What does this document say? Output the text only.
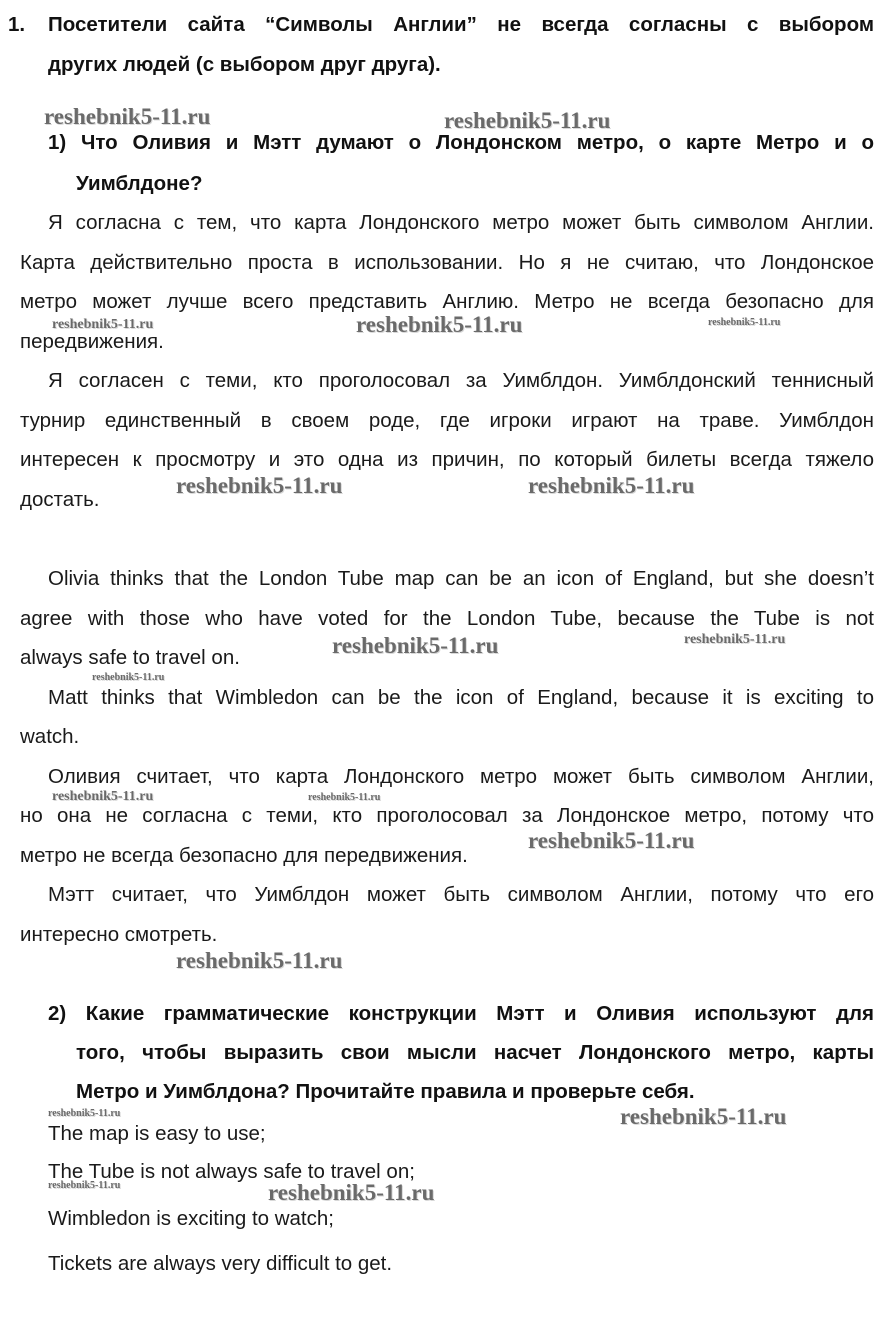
1. Посетители сайта “Символы Англии” не всегда согласны с выбором
других людей (с выбором друг друга).
1) Что Оливия и Мэтт думают о Лондонском метро, о карте Метро и о
Уимблдоне?
Я согласна с тем, что карта Лондонского метро может быть символом Англии.
Карта действительно проста в использовании. Но я не считаю, что Лондонское
метро может лучше всего представить Англию. Метро не всегда безопасно для
передвижения.
Я согласен с теми, кто проголосовал за Уимблдон. Уимблдонский теннисный
турнир единственный в своем роде, где игроки играют на траве. Уимблдон
интересен к просмотру и это одна из причин, по который билеты всегда тяжело
достать.
Olivia thinks that the London Tube map can be an icon of England, but she doesn’t
agree with those who have voted for the London Tube, because the Tube is not
always safe to travel on.
Matt thinks that Wimbledon can be the icon of England, because it is exciting to
watch.
Оливия считает, что карта Лондонского метро может быть символом Англии,
но она не согласна с теми, кто проголосовал за Лондонское метро, потому что
метро не всегда безопасно для передвижения.
Мэтт считает, что Уимблдон может быть символом Англии, потому что его
интересно смотреть.
2) Какие грамматические конструкции Мэтт и Оливия используют для
того, чтобы выразить свои мысли насчет Лондонского метро, карты
Метро и Уимблдона? Прочитайте правила и проверьте себя.
The map is easy to use;
The Tube is not always safe to travel on;
Wimbledon is exciting to watch;
Tickets are always very difficult to get.
reshebnik5-11.ru	reshebnik5-11.ru
reshebnik5-11.ru	reshebnik5-11.ru	reshebnik5-11.ru
reshebnik5-11.ru	reshebnik5-11.ru
reshebnik5-11.ru	reshebnik5-11.ru
reshebnik5-11.ru
reshebnik5-11.ru	reshebnik5-11.ru
reshebnik5-11.ru
reshebnik5-11.ru
reshebnik5-11.ru	reshebnik5-11.ru
reshebnik5-11.ru	reshebnik5-11.ru
